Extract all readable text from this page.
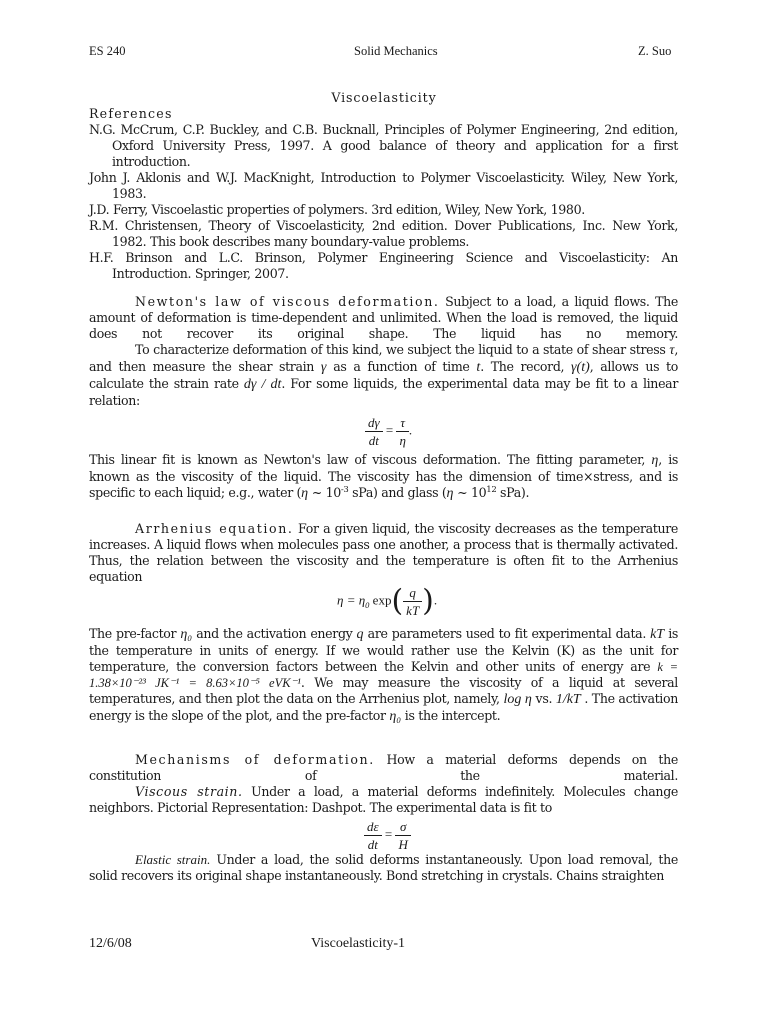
ES 240	Solid Mechanics	Z. Suo
Viscoelasticity
References

N.G. McCrum, C.P. Buckley, and C.B. Bucknall, Principles of Polymer Engineering, 2nd edition, Oxford University Press, 1997. A good balance of theory and application for a first introduction.

John J. Aklonis and W.J. MacKnight, Introduction to Polymer Viscoelasticity. Wiley, New York, 1983.

J.D. Ferry, Viscoelastic properties of polymers. 3rd edition, Wiley, New York, 1980.

R.M. Christensen, Theory of Viscoelasticity, 2nd edition. Dover Publications, Inc. New York, 1982. This book describes many boundary-value problems.

H.F. Brinson and L.C. Brinson, Polymer Engineering Science and Viscoelasticity: An Introduction. Springer, 2007.

Newton's law of viscous deformation. Subject to a load, a liquid flows. The amount of deformation is time-dependent and unlimited. When the load is removed, the liquid does not recover its original shape. The liquid has no memory.

To characterize deformation of this kind, we subject the liquid to a state of shear stress τ, and then measure the shear strain γ as a function of time t. The record, γ(t), allows us to calculate the strain rate dγ / dt. For some liquids, the experimental data may be fit to a linear relation:

$\frac{d\gamma}{dt} = \frac{\tau}{\eta}$ .
This linear fit is known as Newton's law of viscous deformation. The fitting parameter, η, is known as the viscosity of the liquid. The viscosity has the dimension of time×stress, and is specific to each liquid; e.g., water (η ~ $10^{-3}$ sPa) and glass (η ~ $10^{12}$ sPa).

Arrhenius equation. For a given liquid, the viscosity decreases as the temperature increases. A liquid flows when molecules pass one another, a process that is thermally activated. Thus, the relation between the viscosity and the temperature is often fit to the Arrhenius equation

$\eta = \eta_0$ $\exp( \frac{q}{kT}$ ).
The pre-factor η₀ and the activation energy q are parameters used to fit experimental data. kT is the temperature in units of energy. If we would rather use the Kelvin (K) as the unit for temperature, the conversion factors between the Kelvin and other units of energy are k = 1.38×10⁻²³ JK⁻¹ = 8.63×10⁻⁵ eVK⁻¹. We may measure the viscosity of a liquid at several temperatures, and then plot the data on the Arrhenius plot, namely, log η vs. 1/kT . The activation energy is the slope of the plot, and the pre-factor η₀ is the intercept.

Mechanisms of deformation. How a material deforms depends on the constitution of the material.

Viscous strain. Under a load, a material deforms indefinitely. Molecules change neighbors. Pictorial Representation: Dashpot. The experimental data is fit to

$\frac{d\varepsilon}{dt} = \frac{\sigma}{H}$

Elastic strain. Under a load, the solid deforms instantaneously. Upon load removal, the solid recovers its original shape instantaneously. Bond stretching in crystals. Chains straighten

12/6/08	Viscoelasticity-1
